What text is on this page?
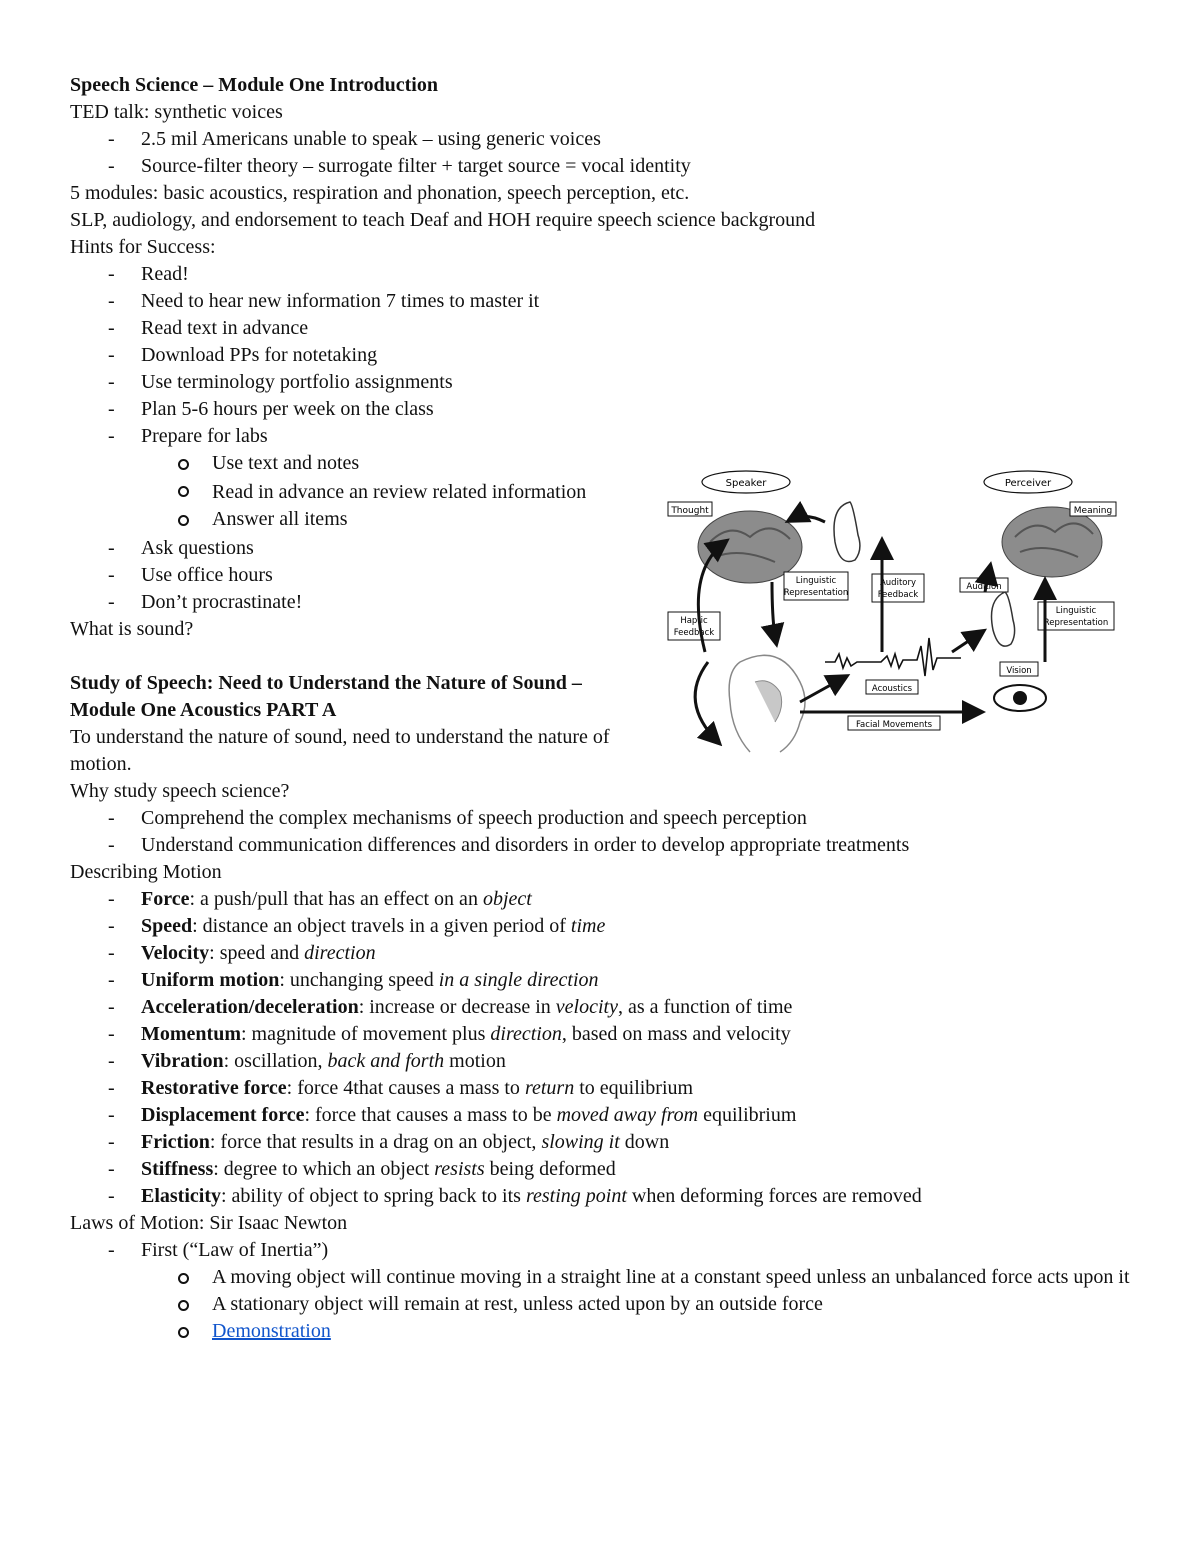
Speech Science – Module One Introduction
TED talk: synthetic voices
- 2.5 mil Americans unable to speak – using generic voices
- Source-filter theory – surrogate filter + target source = vocal identity
5 modules: basic acoustics, respiration and phonation, speech perception, etc.
SLP, audiology, and endorsement to teach Deaf and HOH require speech science background
Hints for Success:
- Read!
- Need to hear new information 7 times to master it
- Read text in advance
- Download PPs for notetaking
- Use terminology portfolio assignments
- Plan 5-6 hours per week on the class
- Prepare for labs
Use text and notes
Read in advance an review related information
Answer all items
- Ask questions
- Use office hours
- Don’t procrastinate!
What is sound?
Study of Speech: Need to Understand the Nature of Sound – Module One Acoustics PART A
To understand the nature of sound, need to understand the nature of motion.
Why study speech science?
- Comprehend the complex mechanisms of speech production and speech perception
- Understand communication differences and disorders in order to develop appropriate treatments
Describing Motion
- Force: a push/pull that has an effect on an object
- Speed: distance an object travels in a given period of time
- Velocity: speed and direction
- Uniform motion: unchanging speed in a single direction
- Acceleration/deceleration: increase or decrease in velocity, as a function of time
- Momentum: magnitude of movement plus direction, based on mass and velocity
- Vibration: oscillation, back and forth motion
- Restorative force: force 4that causes a mass to return to equilibrium
- Displacement force: force that causes a mass to be moved away from equilibrium
- Friction: force that results in a drag on an object, slowing it down
- Stiffness: degree to which an object resists being deformed
- Elasticity: ability of object to spring back to its resting point when deforming forces are removed
Laws of Motion: Sir Isaac Newton
- First (“Law of Inertia”)
A moving object will continue moving in a straight line at a constant speed unless an unbalanced force acts upon it
A stationary object will remain at rest, unless acted upon by an outside force
Demonstration
Speaker	Perceiver
Thought	Meaning
Linguistic
Representation
Auditory
Feedback
Haptic
Feedback
Audition
Linguistic
Representation
Vision
Acoustics
Facial Movements
